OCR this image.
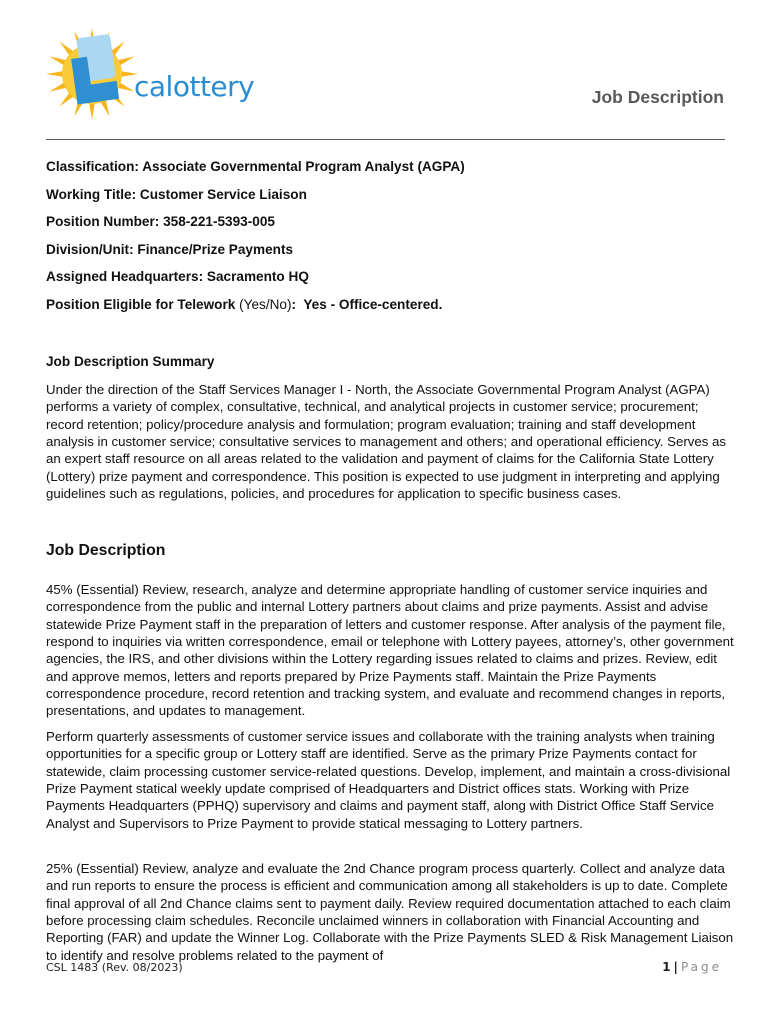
calottery	Job Description
Classification: Associate Governmental Program Analyst (AGPA)
Working Title: Customer Service Liaison
Position Number: 358-221-5393-005
Division/Unit: Finance/Prize Payments
Assigned Headquarters: Sacramento HQ
Position Eligible for Telework (Yes/No): Yes - Office-centered.
Job Description Summary

Under the direction of the Staff Services Manager I - North, the Associate Governmental Program Analyst (AGPA) performs a variety of complex, consultative, technical, and analytical projects in customer service; procurement; record retention; policy/procedure analysis and formulation; program evaluation; training and staff development analysis in customer service; consultative services to management and others; and operational efficiency. Serves as an expert staff resource on all areas related to the validation and payment of claims for the California State Lottery (Lottery) prize payment and correspondence. This position is expected to use judgment in interpreting and applying guidelines such as regulations, policies, and procedures for application to specific business cases.

Job Description

45% (Essential) Review, research, analyze and determine appropriate handling of customer service inquiries and correspondence from the public and internal Lottery partners about claims and prize payments. Assist and advise statewide Prize Payment staff in the preparation of letters and customer response. After analysis of the payment file, respond to inquiries via written correspondence, email or telephone with Lottery payees, attorney’s, other government agencies, the IRS, and other divisions within the Lottery regarding issues related to claims and prizes. Review, edit and approve memos, letters and reports prepared by Prize Payments staff. Maintain the Prize Payments correspondence procedure, record retention and tracking system, and evaluate and recommend changes in reports, presentations, and updates to management.

Perform quarterly assessments of customer service issues and collaborate with the training analysts when training opportunities for a specific group or Lottery staff are identified. Serve as the primary Prize Payments contact for statewide, claim processing customer service-related questions. Develop, implement, and maintain a cross-divisional Prize Payment statical weekly update comprised of Headquarters and District offices stats. Working with Prize Payments Headquarters (PPHQ) supervisory and claims and payment staff, along with District Office Staff Service Analyst and Supervisors to Prize Payment to provide statical messaging to Lottery partners.

25% (Essential) Review, analyze and evaluate the 2nd Chance program process quarterly. Collect and analyze data and run reports to ensure the process is efficient and communication among all stakeholders is up to date. Complete final approval of all 2nd Chance claims sent to payment daily. Review required documentation attached to each claim before processing claim schedules. Reconcile unclaimed winners in collaboration with Financial Accounting and Reporting (FAR) and update the Winner Log. Collaborate with the Prize Payments SLED & Risk Management Liaison to identify and resolve problems related to the payment of

CSL 1483 (Rev. 08/2023)	1 | Page
